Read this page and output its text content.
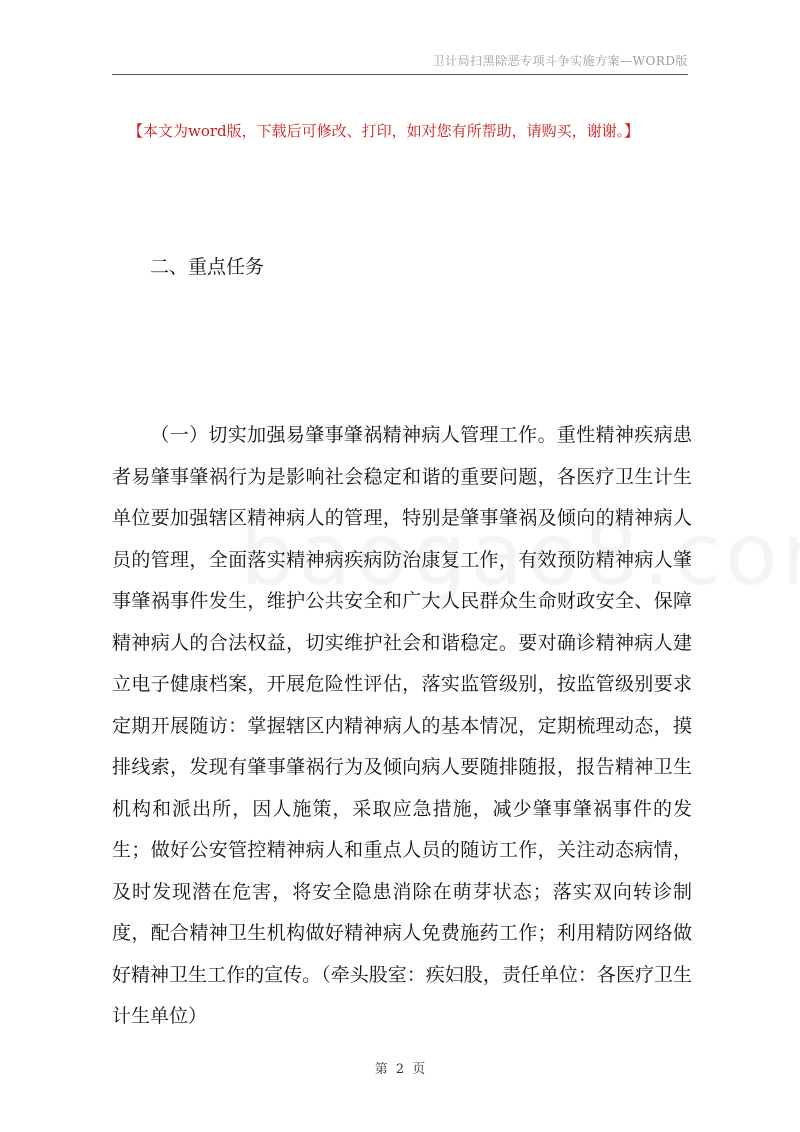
卫计局扫黑除恶专项斗争实施方案—WORD版
【本文为word版，下载后可修改、打印，如对您有所帮助，请购买，谢谢。】
二、重点任务
（一）切实加强易肇事肇祸精神病人管理工作。重性精神疾病患者易肇事肇祸行为是影响社会稳定和谐的重要问题，各医疗卫生计生单位要加强辖区精神病人的管理，特别是肇事肇祸及倾向的精神病人员的管理，全面落实精神病疾病防治康复工作，有效预防精神病人肇事肇祸事件发生，维护公共安全和广大人民群众生命财政安全、保障精神病人的合法权益，切实维护社会和谐稳定。要对确诊精神病人建立电子健康档案，开展危险性评估，落实监管级别，按监管级别要求定期开展随访：掌握辖区内精神病人的基本情况，定期梳理动态，摸排线索，发现有肇事肇祸行为及倾向病人要随排随报，报告精神卫生机构和派出所，因人施策，采取应急措施，减少肇事肇祸事件的发生；做好公安管控精神病人和重点人员的随访工作，关注动态病情，及时发现潜在危害，将安全隐患消除在萌芽状态；落实双向转诊制度，配合精神卫生机构做好精神病人免费施药工作；利用精防网络做好精神卫生工作的宣传。（牵头股室：疾妇股，责任单位：各医疗卫生计生单位）
第 2 页
